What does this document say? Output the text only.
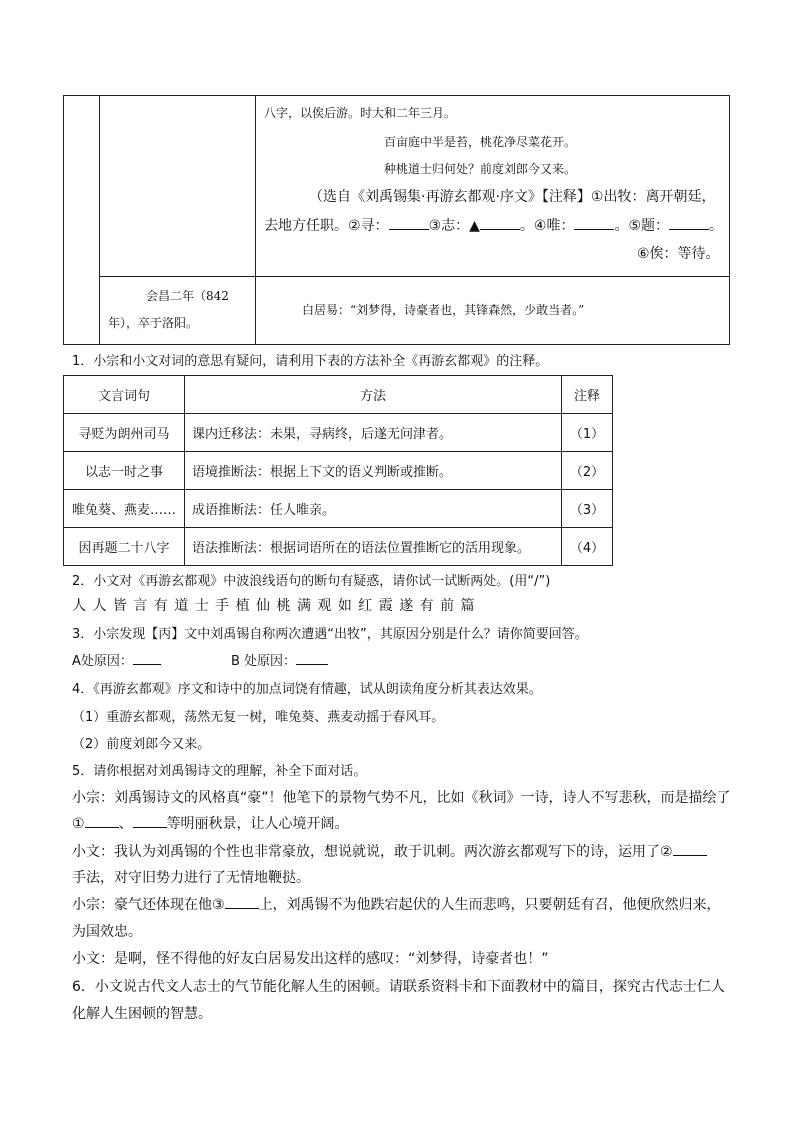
八字，以俟后游。时大和二年三月。
百亩庭中半是苔，桃花净尽菜花开。
种桃道士归何处？前度刘郎今又来。
（选自《刘禹锡集·再游玄都观·序文》【注释】①出牧：离开朝廷，
去地方任职。②寻：	③志：▲	。④唯：	。⑤题：	。
⑥俟：等待。
会昌二年（842
年），卒于洛阳。
白居易：“刘梦得，诗豪者也，其锋森然，少敢当者。”
1．小宗和小文对词的意思有疑问，请利用下表的方法补全《再游玄都观》的注释。
文言词句	方法	注释
寻贬为朗州司马	课内迁移法：未果，寻病终，后遂无问津者。	（1）
以志一时之事	语境推断法：根据上下文的语义判断或推断。	（2）
唯兔葵、燕麦……	成语推断法：任人唯亲。	（3）
因再题二十八字	语法推断法：根据词语所在的语法位置推断它的活用现象。	（4）
2．小文对《再游玄都观》中波浪线语句的断句有疑惑，请你试一试断两处。(用“/”)
人 人 皆 言 有 道 士 手 植 仙 桃 满 观 如 红 霞 遂 有 前 篇
3．小宗发现【丙】文中刘禹锡自称两次遭遇“出牧”，其原因分别是什么？请你简要回答。
A处原因：	B 处原因：
4．《再游玄都观》序文和诗中的加点词饶有情趣，试从朗读角度分析其表达效果。
（1）重游玄都观，荡然无复一树，唯兔葵、燕麦动摇于春风耳。
（2）前度刘郎今又来。
5．请你根据对刘禹锡诗文的理解，补全下面对话。
小宗：刘禹锡诗文的风格真“豪”！他笔下的景物气势不凡，比如《秋词》一诗，诗人不写悲秋，而是描绘了
① 、 等明丽秋景，让人心境开阔。
小文：我认为刘禹锡的个性也非常豪放，想说就说，敢于讥刺。两次游玄都观写下的诗，运用了②
手法，对守旧势力进行了无情地鞭挞。
小宗：豪气还体现在他③ 上，刘禹锡不为他跌宕起伏的人生而悲鸣，只要朝廷有召，他便欣然归来，
为国效忠。
小文：是啊，怪不得他的好友白居易发出这样的感叹：“刘梦得，诗豪者也！”
6．小文说古代文人志士的气节能化解人生的困顿。请联系资料卡和下面教材中的篇目，探究古代志士仁人
化解人生困顿的智慧。
